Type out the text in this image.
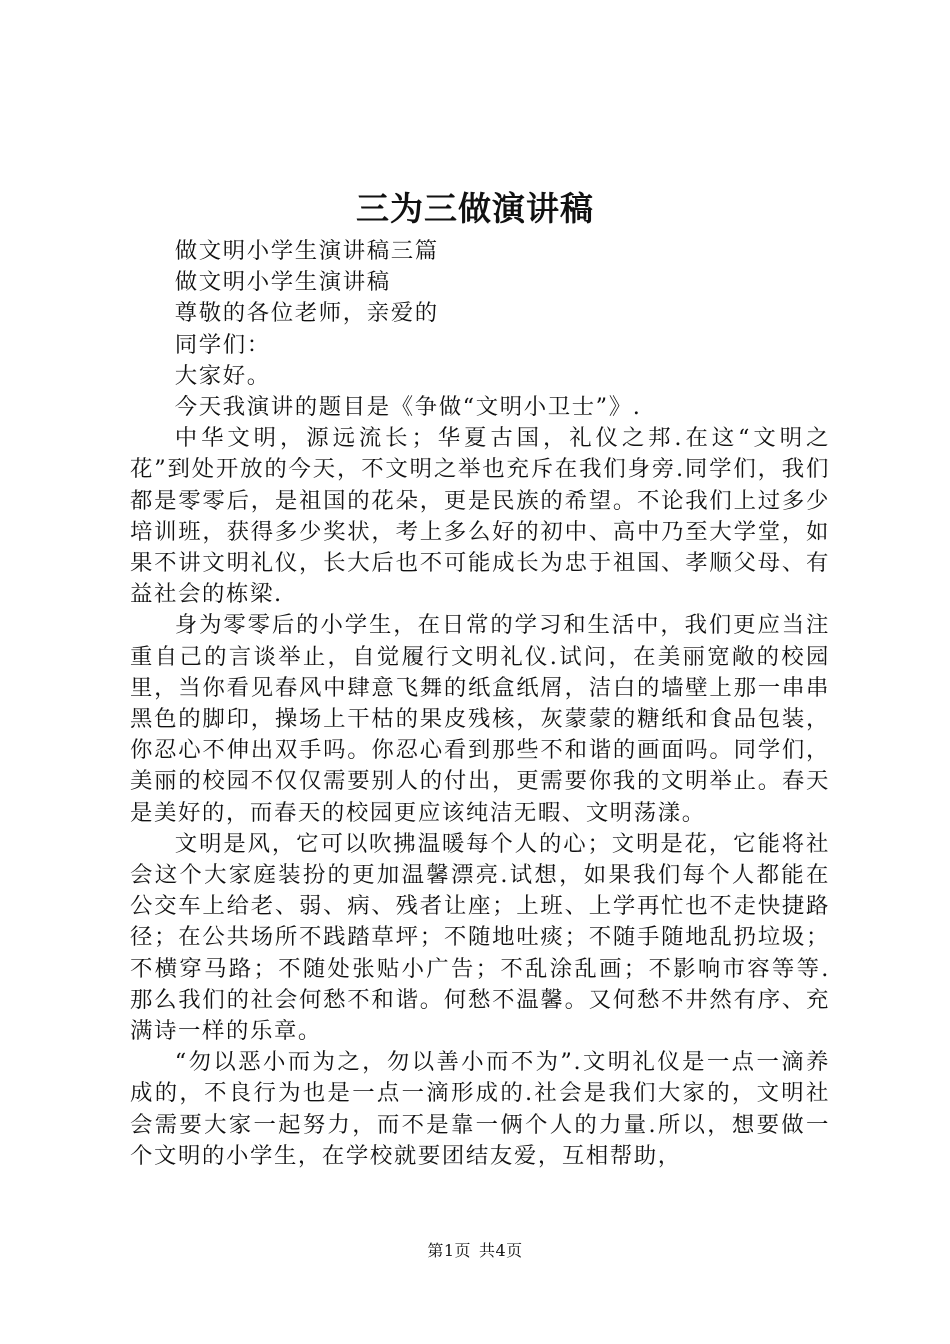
三为三做演讲稿

做文明小学生演讲稿三篇

做文明小学生演讲稿

尊敬的各位老师，亲爱的

同学们：

大家好。

今天我演讲的题目是《争做“文明小卫士”》.

中华文明，源远流长；华夏古国，礼仪之邦.在这“文明之花”到处开放的今天，不文明之举也充斥在我们身旁.同学们，我们都是零零后，是祖国的花朵，更是民族的希望。不论我们上过多少培训班，获得多少奖状，考上多么好的初中、高中乃至大学堂，如果不讲文明礼仪，长大后也不可能成长为忠于祖国、孝顺父母、有益社会的栋梁.

身为零零后的小学生，在日常的学习和生活中，我们更应当注重自己的言谈举止，自觉履行文明礼仪.试问，在美丽宽敞的校园里，当你看见春风中肆意飞舞的纸盒纸屑，洁白的墙壁上那一串串黑色的脚印，操场上干枯的果皮残核，灰蒙蒙的糖纸和食品包装，你忍心不伸出双手吗。你忍心看到那些不和谐的画面吗。同学们，美丽的校园不仅仅需要别人的付出，更需要你我的文明举止。春天是美好的，而春天的校园更应该纯洁无暇、文明荡漾。

文明是风，它可以吹拂温暖每个人的心；文明是花，它能将社会这个大家庭装扮的更加温馨漂亮.试想，如果我们每个人都能在公交车上给老、弱、病、残者让座；上班、上学再忙也不走快捷路径；在公共场所不践踏草坪；不随地吐痰；不随手随地乱扔垃圾；不横穿马路；不随处张贴小广告；不乱涂乱画；不影响市容等等.那么我们的社会何愁不和谐。何愁不温馨。又何愁不井然有序、充满诗一样的乐章。

“勿以恶小而为之，勿以善小而不为”.文明礼仪是一点一滴养成的，不良行为也是一点一滴形成的.社会是我们大家的，文明社会需要大家一起努力，而不是靠一俩个人的力量.所以，想要做一个文明的小学生，在学校就要团结友爱，互相帮助，

第1页 共4页
